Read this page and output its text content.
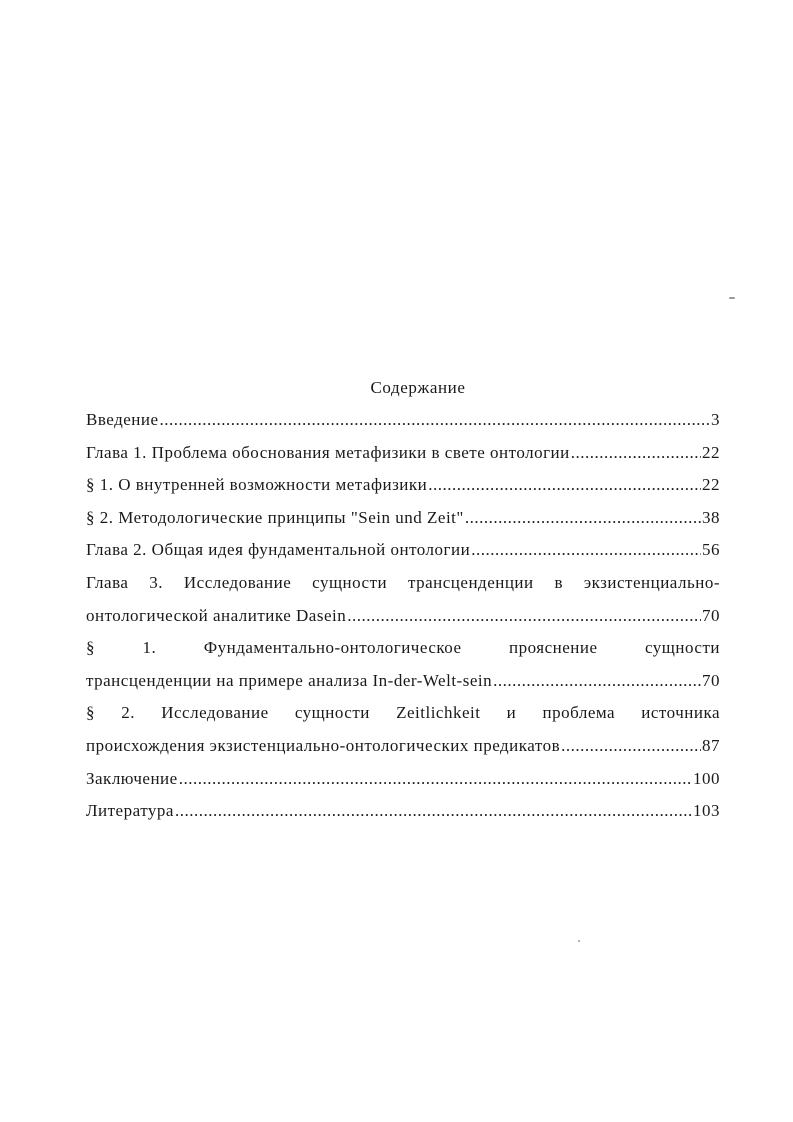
Содержание
Введение .....	3
Глава 1. Проблема обоснования метафизики в свете онтологии .....	22
§ 1. О внутренней возможности метафизики .....	22
§ 2. Методологические принципы "Sein und Zeit" .....	38
Глава 2. Общая идея фундаментальной онтологии .....	56
Глава 3. Исследование сущности трансценденции в экзистенциально-
онтологической аналитике Dasein .....	70
§ 1. Фундаментально-онтологическое прояснение сущности
трансценденции на примере анализа In-der-Welt-sein .....	70
§ 2. Исследование сущности Zeitlichkeit и проблема источника
происхождения экзистенциально-онтологических предикатов .....	87
Заключение .....	100
Литература .....	103
